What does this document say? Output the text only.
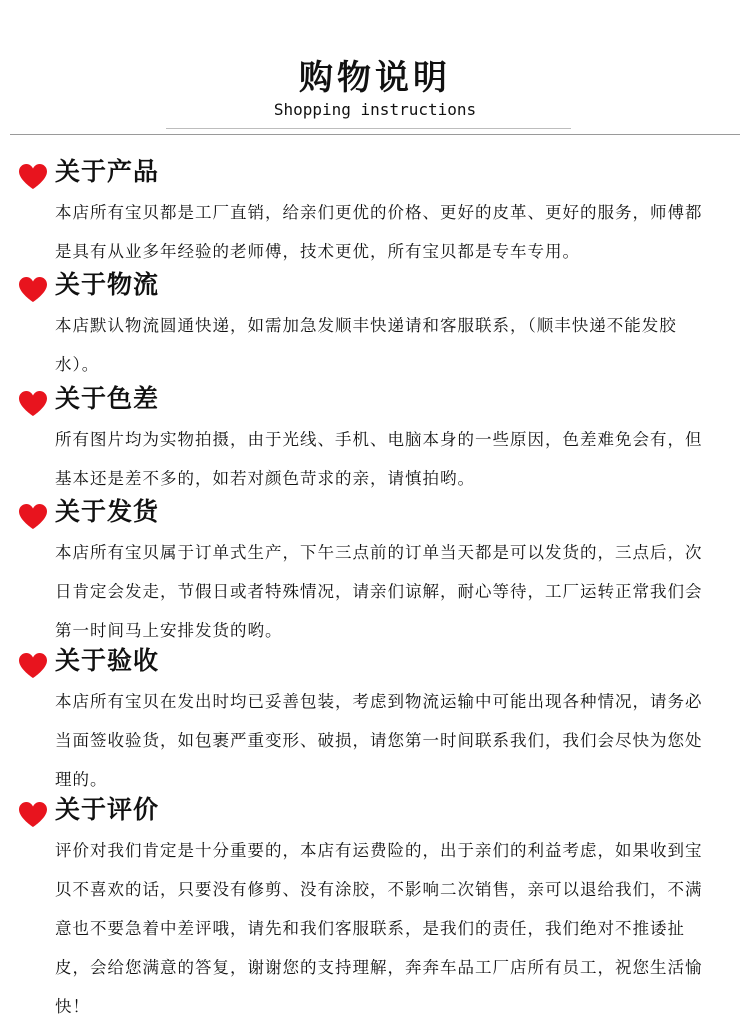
购物说明
Shopping instructions
关于产品
本店所有宝贝都是工厂直销，给亲们更优的价格、更好的皮革、更好的服务，师傅都是具有从业多年经验的老师傅，技术更优，所有宝贝都是专车专用。
关于物流
本店默认物流圆通快递，如需加急发顺丰快递请和客服联系，（顺丰快递不能发胶水）。
关于色差
所有图片均为实物拍摄，由于光线、手机、电脑本身的一些原因，色差难免会有，但基本还是差不多的，如若对颜色苛求的亲，请慎拍哟。
关于发货
本店所有宝贝属于订单式生产，下午三点前的订单当天都是可以发货的，三点后，次日肯定会发走，节假日或者特殊情况，请亲们谅解，耐心等待，工厂运转正常我们会第一时间马上安排发货的哟。
关于验收
本店所有宝贝在发出时均已妥善包装，考虑到物流运输中可能出现各种情况，请务必当面签收验货，如包裹严重变形、破损，请您第一时间联系我们，我们会尽快为您处理的。
关于评价
评价对我们肯定是十分重要的，本店有运费险的，出于亲们的利益考虑，如果收到宝贝不喜欢的话，只要没有修剪、没有涂胶，不影响二次销售，亲可以退给我们，不满意也不要急着中差评哦，请先和我们客服联系，是我们的责任，我们绝对不推诿扯皮，会给您满意的答复，谢谢您的支持理解，奔奔车品工厂店所有员工，祝您生活愉快！
